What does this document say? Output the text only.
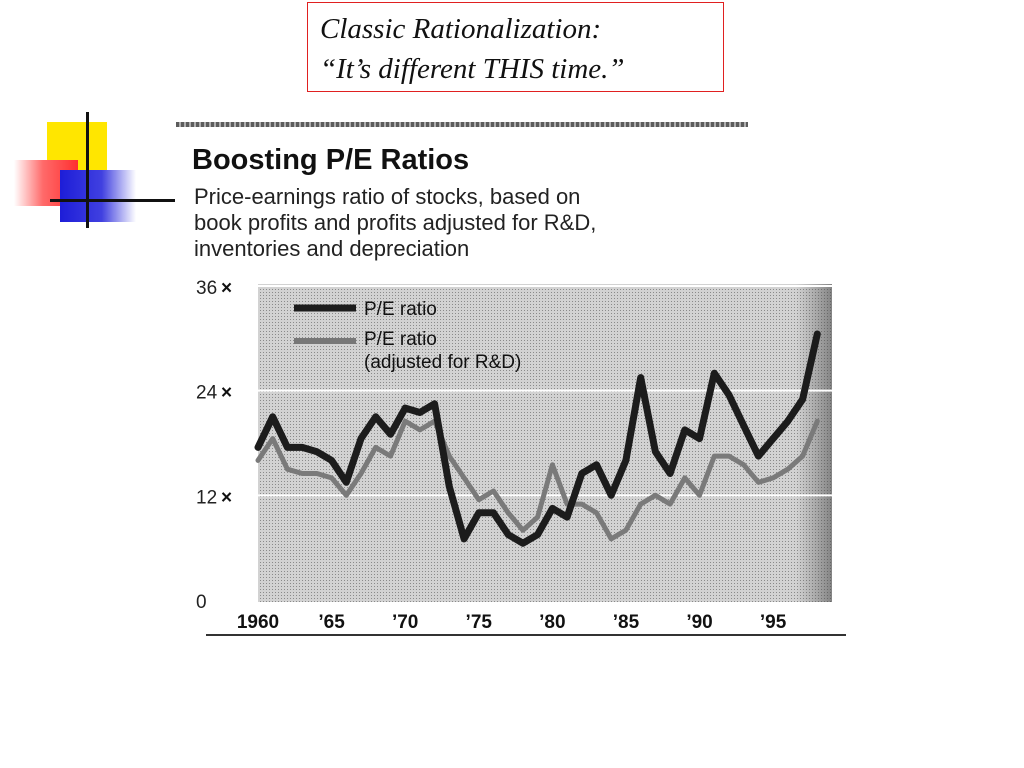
Classic Rationalization:
“It’s different THIS time.”
Boosting P/E Ratios
Price-earnings ratio of stocks, based on
book profits and profits adjusted for R&D,
inventories and depreciation
0
12 ×
24 ×
36 ×
1960 ’65 ’70 ’75 ’80 ’85 ’90 ’95
P/E ratio
P/E ratio
(adjusted for R&D)
